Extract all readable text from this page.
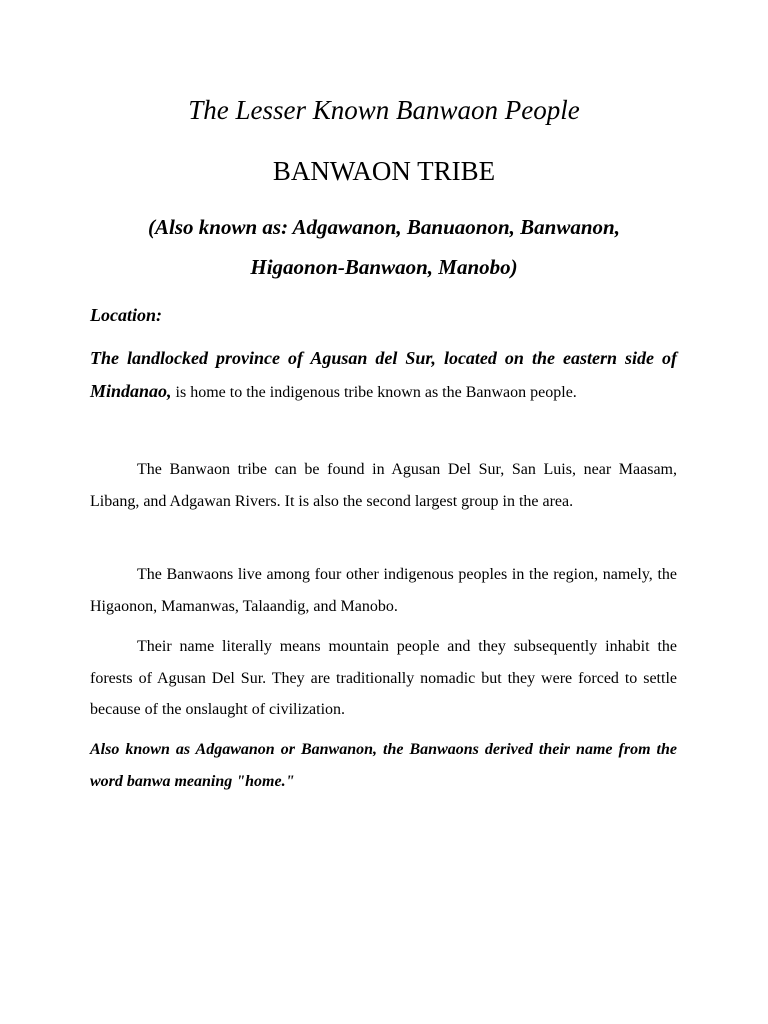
The Lesser Known Banwaon People
BANWAON TRIBE
(Also known as: Adgawanon, Banuaonon, Banwanon,
Higaonon-Banwaon, Manobo)

Location:

The landlocked province of Agusan del Sur, located on the eastern side of Mindanao, is home to the indigenous tribe known as the Banwaon people.

The Banwaon tribe can be found in Agusan Del Sur, San Luis, near Maasam, Libang, and Adgawan Rivers. It is also the second largest group in the area.

The Banwaons live among four other indigenous peoples in the region, namely, the Higaonon, Mamanwas, Talaandig, and Manobo.

Their name literally means mountain people and they subsequently inhabit the forests of Agusan Del Sur. They are traditionally nomadic but they were forced to settle because of the onslaught of civilization.

Also known as Adgawanon or Banwanon, the Banwaons derived their name from the word banwa meaning "home."
